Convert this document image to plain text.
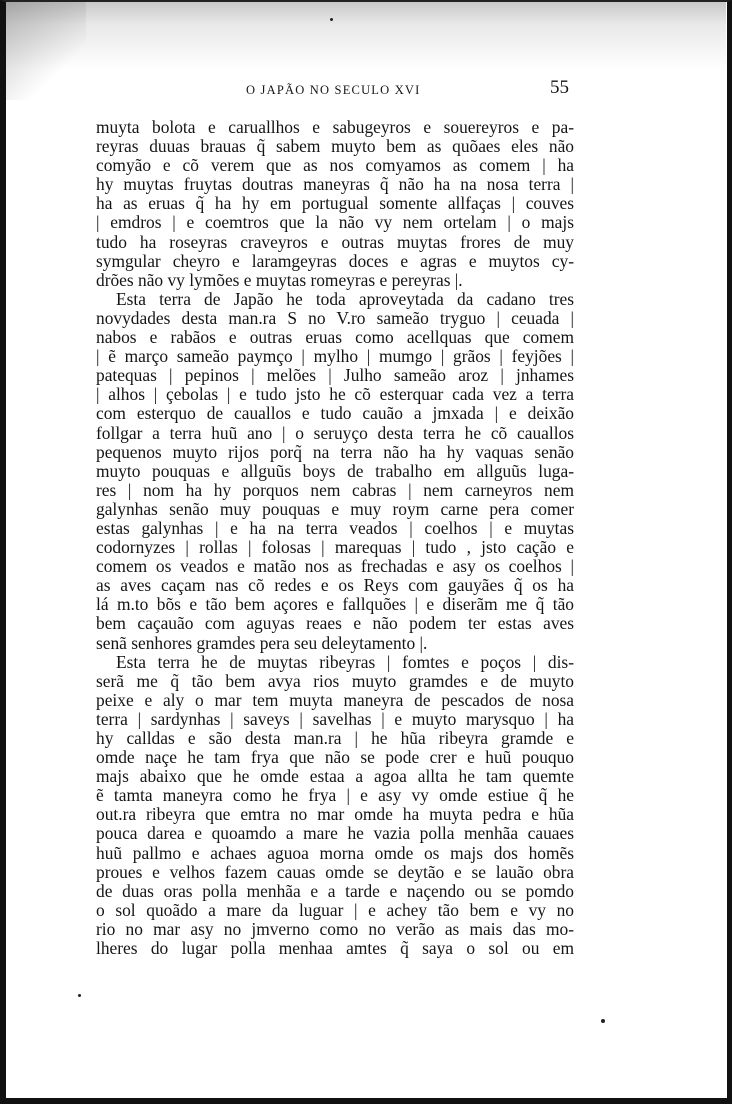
O JAPÃO NO SECULO XVI	55
muyta bolota e caruallhos e sabugeyros e souereyros e pa-
reyras duuas brauas q̃ sabem muyto bem as quõaes eles não
comyão e cõ verem que as nos comyamos as comem | ha
hy muytas fruytas doutras maneyras q̃ não ha na nosa terra |
ha as eruas q̃ ha hy em portugual somente allfaças | couves
| emdros | e coemtros que la não vy nem ortelam | o majs
tudo ha roseyras craveyros e outras muytas frores de muy
symgular cheyro e laramgeyras doces e agras e muytos cy-
drões não vy lymões e muytas romeyras e pereyras |.
Esta terra de Japão he toda aproveytada da cadano tres
novydades desta man.ra S no V.ro sameão tryguo | ceuada |
nabos e rabãos e outras eruas como acellquas que comem
| ẽ março sameão paymço | mylho | mumgo | grãos | feyjões |
patequas | pepinos | melões | Julho sameão aroz | jnhames
| alhos | çebolas | e tudo jsto he cõ esterquar cada vez a terra
com esterquo de cauallos e tudo cauão a jmxada | e deixão
follgar a terra huũ ano | o seruyço desta terra he cõ cauallos
pequenos muyto rijos porq̃ na terra não ha hy vaquas senão
muyto pouquas e allguũs boys de trabalho em allguũs luga-
res | nom ha hy porquos nem cabras | nem carneyros nem
galynhas senão muy pouquas e muy roym carne pera comer
estas galynhas | e ha na terra veados | coelhos | e muytas
codornyzes | rollas | folosas | marequas | tudo , jsto cação e
comem os veados e matão nos as frechadas e asy os coelhos |
as aves caçam nas cõ redes e os Reys com gauyães q̃ os ha
lá m.to bõs e tão bem açores e fallquões | e diserãm me q̃ tão
bem caçauão com aguyas reaes e não podem ter estas aves
senã senhores gramdes pera seu deleytamento |.
Esta terra he de muytas ribeyras | fomtes e poços | dis-
serã me q̃ tão bem avya rios muyto gramdes e de muyto
peixe e aly o mar tem muyta maneyra de pescados de nosa
terra | sardynhas | saveys | savelhas | e muyto marysquo | ha
hy calldas e são desta man.ra | he hũa ribeyra gramde e
omde naçe he tam frya que não se pode crer e huũ pouquo
majs abaixo que he omde estaa a agoa allta he tam quemte
ẽ tamta maneyra como he frya | e asy vy omde estiue q̃ he
out.ra ribeyra que emtra no mar omde ha muyta pedra e hũa
pouca darea e quoamdo a mare he vazia polla menhãa cauaes
huũ pallmo e achaes aguoa morna omde os majs dos homẽs
proues e velhos fazem cauas omde se deytão e se lauão obra
de duas oras polla menhãa e a tarde e naçendo ou se pomdo
o sol quoãdo a mare da luguar | e achey tão bem e vy no
rio no mar asy no jmverno como no verão as mais das mo-
lheres do lugar polla menhaa amtes q̃ saya o sol ou em
